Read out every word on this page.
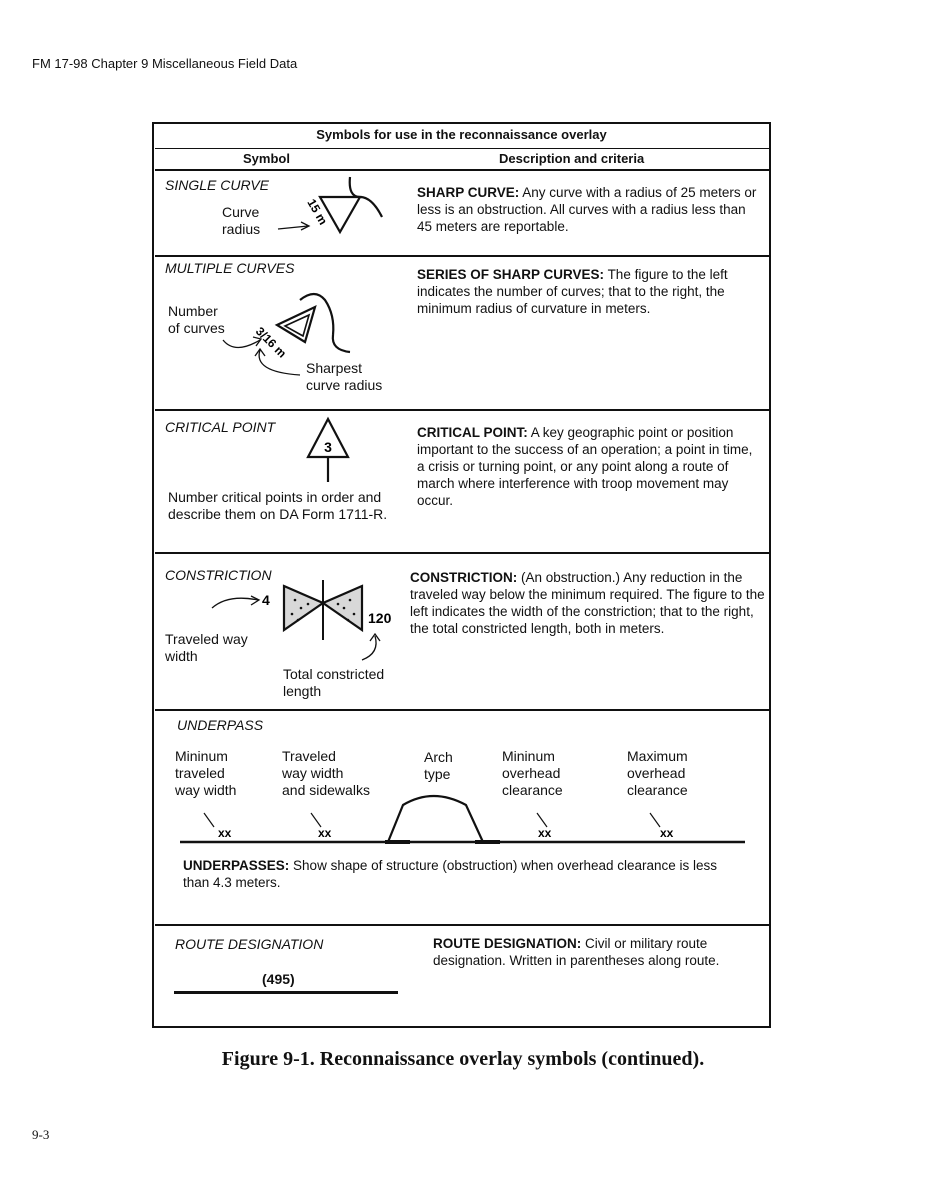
FM 17-98 Chapter 9 Miscellaneous Field Data
Symbols for use in the reconnaissance overlay
Symbol	Description and criteria
SINGLE CURVE
Curve
radius
15 m
SHARP CURVE: Any curve with a radius of 25 meters or less is an obstruction. All curves with a radius less than 45 meters are reportable.
MULTIPLE CURVES
Number
of curves 3/16 m
Sharpest
curve radius
SERIES OF SHARP CURVES: The figure to the left indicates the number of curves; that to the right, the minimum radius of curvature in meters.
CRITICAL POINT
3
Number critical points in order and describe them on DA Form 1711-R.
CRITICAL POINT: A key geographic point or position important to the success of an operation; a point in time, a crisis or turning point, or any point along a route of march where interference with troop movement may occur.
CONSTRICTION
4
120
Traveled way
width
Total constricted
length
CONSTRICTION: (An obstruction.) Any reduction in the traveled way below the minimum required. The figure to the left indicates the width of the constriction; that to the right, the total constricted length, both in meters.
UNDERPASS
Mininum
traveled
way width
Traveled
way width
and sidewalks
Arch
type
Mininum
overhead
clearance
Maximum
overhead
clearance
xx	xx	xx	xx
UNDERPASSES: Show shape of structure (obstruction) when overhead clearance is less than 4.3 meters.
ROUTE DESIGNATION
(495)
ROUTE DESIGNATION: Civil or military route designation. Written in parentheses along route.
Figure 9-1. Reconnaissance overlay symbols (continued).
9-3
